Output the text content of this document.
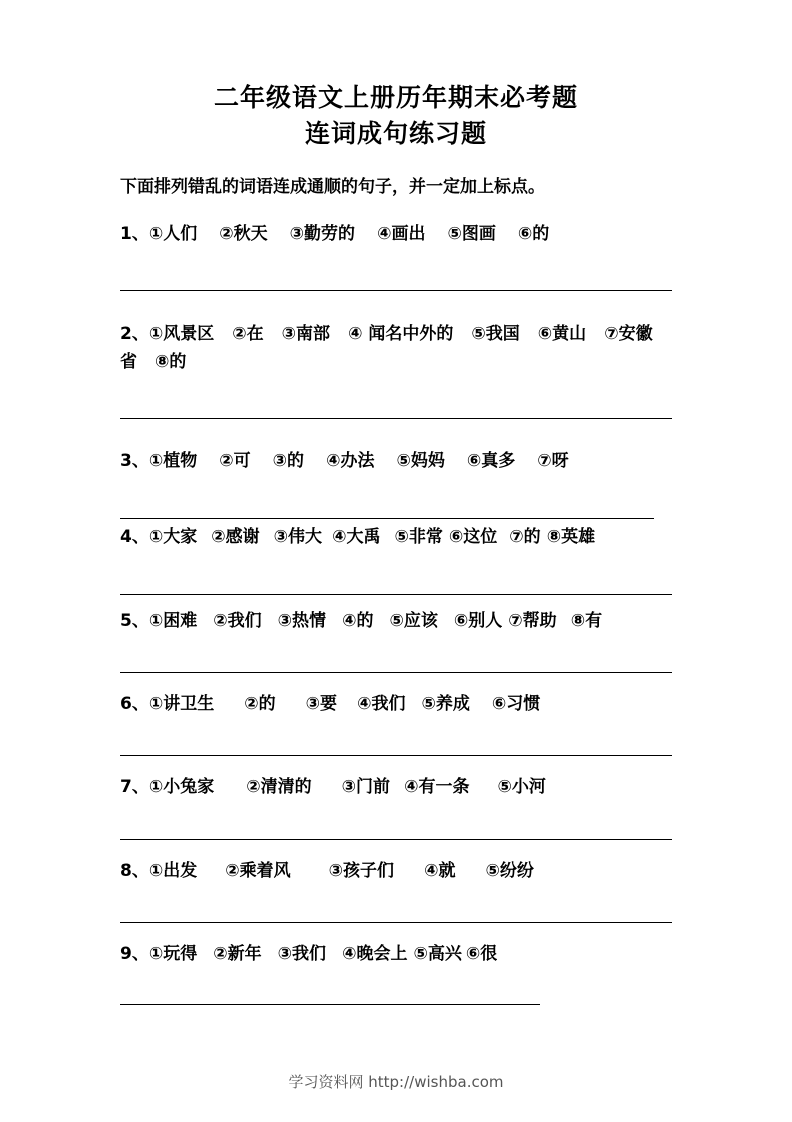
二年级语文上册历年期末必考题
连词成句练习题
下面排列错乱的词语连成通顺的句子，并一定加上标点。
1、①人们 ②秋天 ③勤劳的 ④画出 ⑤图画 ⑥的
2、①风景区 ②在 ③南部 ④ 闻名中外的 ⑤我国 ⑥黄山 ⑦安徽省 ⑧的
3、①植物 ②可 ③的 ④办法 ⑤妈妈 ⑥真多 ⑦呀
4、①大家 ②感谢 ③伟大 ④大禹 ⑤非常 ⑥这位 ⑦的 ⑧英雄
5、①困难 ②我们 ③热情 ④的 ⑤应该 ⑥别人 ⑦帮助 ⑧有
6、①讲卫生 ②的 ③要 ④我们 ⑤养成 ⑥习惯
7、①小兔家 ②清清的 ③门前 ④有一条 ⑤小河
8、①出发 ②乘着风 ③孩子们 ④就 ⑤纷纷
9、①玩得 ②新年 ③我们 ④晚会上 ⑤高兴 ⑥很
学习资料网 http://wishba.com
